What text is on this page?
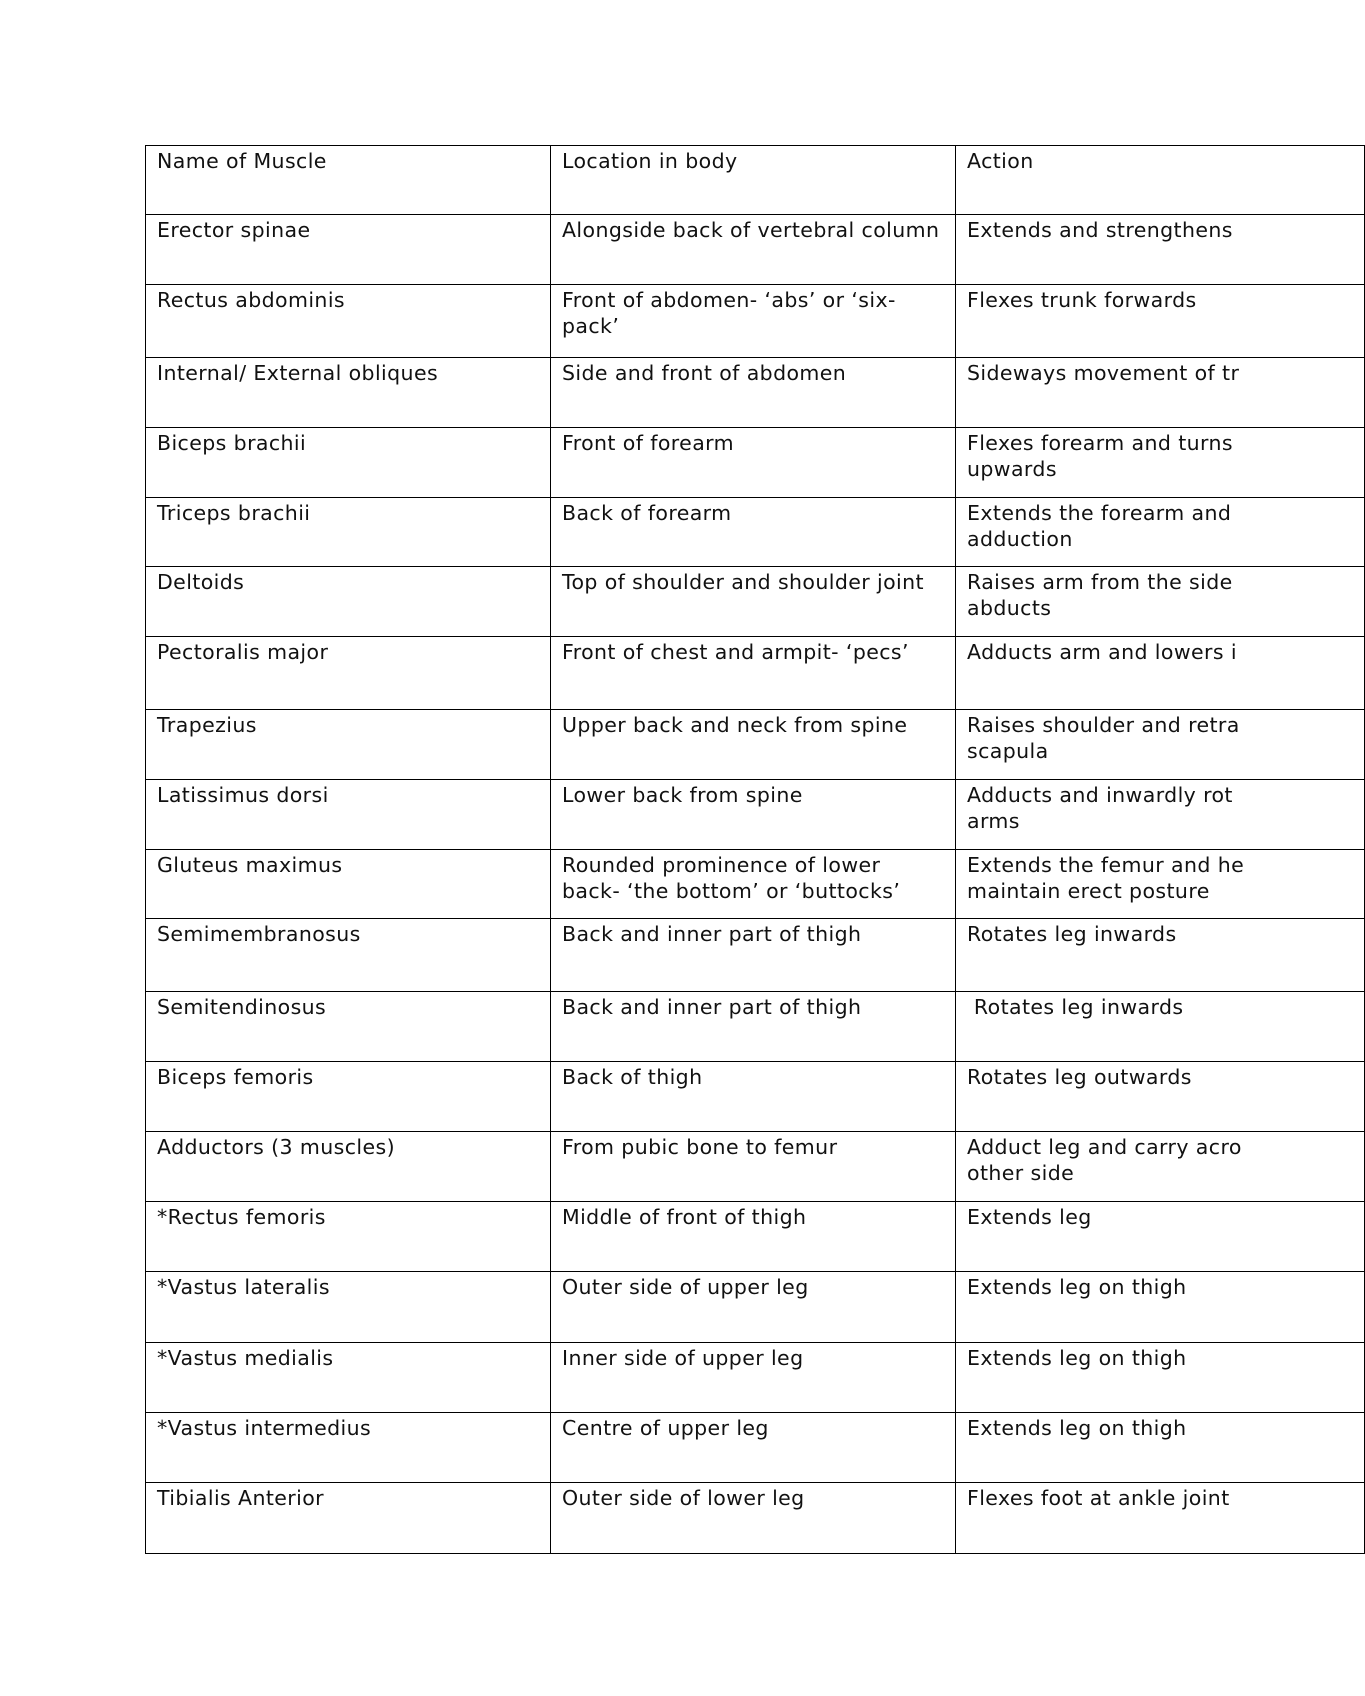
Name of Muscle	Location in body	Action
Erector spinae	Alongside back of vertebral column	Extends and strengthens

Rectus abdominis	Front of abdomen- ‘abs’ or ‘six-pack’	Flexes trunk forwards

Internal/ External obliques	Side and front of abdomen	Sideways movement of tr

Biceps brachii	Front of forearm	Flexes forearm and turns
upwards

Triceps brachii	Back of forearm	Extends the forearm and
adduction

Deltoids	Top of shoulder and shoulder joint	Raises arm from the side
abducts

Pectoralis major	Front of chest and armpit- ‘pecs’	Adducts arm and lowers i

Trapezius	Upper back and neck from spine	Raises shoulder and retra
scapula

Latissimus dorsi	Lower back from spine	Adducts and inwardly rot
arms

Gluteus maximus	Rounded prominence of lower back- ‘the bottom’ or ‘buttocks’	Extends the femur and he
maintain erect posture

Semimembranosus	Back and inner part of thigh	Rotates leg inwards

Semitendinosus	Back and inner part of thigh	Rotates leg inwards

Biceps femoris	Back of thigh	Rotates leg outwards

Adductors (3 muscles)	From pubic bone to femur	Adduct leg and carry acro
other side

*Rectus femoris	Middle of front of thigh	Extends leg

*Vastus lateralis	Outer side of upper leg	Extends leg on thigh

*Vastus medialis	Inner side of upper leg	Extends leg on thigh

*Vastus intermedius	Centre of upper leg	Extends leg on thigh

Tibialis Anterior	Outer side of lower leg	Flexes foot at ankle joint
